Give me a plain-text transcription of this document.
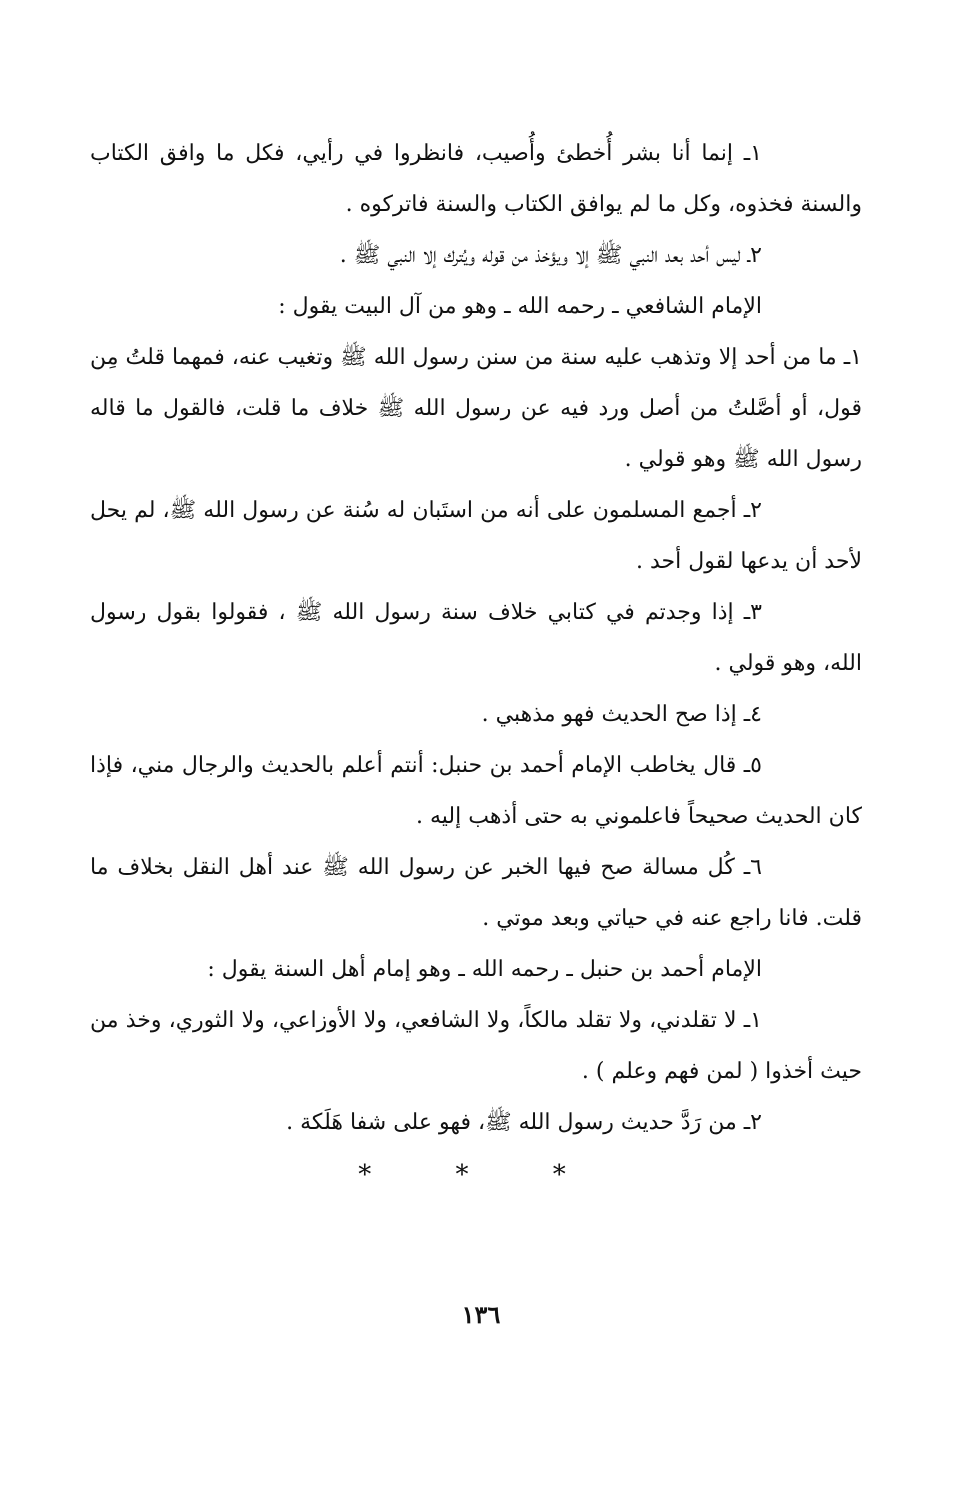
١ـ إنما أنا بشر أُخطئ وأُصيب، فانظروا في رأيي، فكل ما وافق الكتاب والسنة فخذوه، وكل ما لم يوافق الكتاب والسنة فاتركوه .

٢ـ ليس أحد بعد النبي ﷺ إلا ويؤخذ من قوله ويُترك إلا النبي ﷺ .

الإمام الشافعي ـ رحمه الله ـ وهو من آل البيت يقول :

١ـ ما من أحد إلا وتذهب عليه سنة من سنن رسول الله ﷺ وتغيب عنه، فمهما قلتُ مِن قول، أو أصَّلتُ من أصل ورد فيه عن رسول الله ﷺ خلاف ما قلت، فالقول ما قاله رسول الله ﷺ وهو قولي .

٢ـ أجمع المسلمون على أنه من استَبان له سُنة عن رسول الله ﷺ، لم يحل لأحد أن يدعها لقول أحد .

٣ـ إذا وجدتم في كتابي خلاف سنة رسول الله ﷺ ، فقولوا بقول رسول الله، وهو قولي .

٤ـ إذا صح الحديث فهو مذهبي .

٥ـ قال يخاطب الإمام أحمد بن حنبل: أنتم أعلم بالحديث والرجال مني، فإذا كان الحديث صحيحاً فاعلموني به حتى أذهب إليه .

٦ـ كُل مسالة صح فيها الخبر عن رسول الله ﷺ عند أهل النقل بخلاف ما قلت. فانا راجع عنه في حياتي وبعد موتي .

الإمام أحمد بن حنبل ـ رحمه الله ـ وهو إمام أهل السنة يقول :

١ـ لا تقلدني، ولا تقلد مالكاً، ولا الشافعي، ولا الأوزاعي، ولا الثوري، وخذ من حيث أخذوا ( لمن فهم وعلم ) .

٢ـ من رَدَّ حديث رسول الله ﷺ، فهو على شفا هَلَكة .

* * *
١٣٦
